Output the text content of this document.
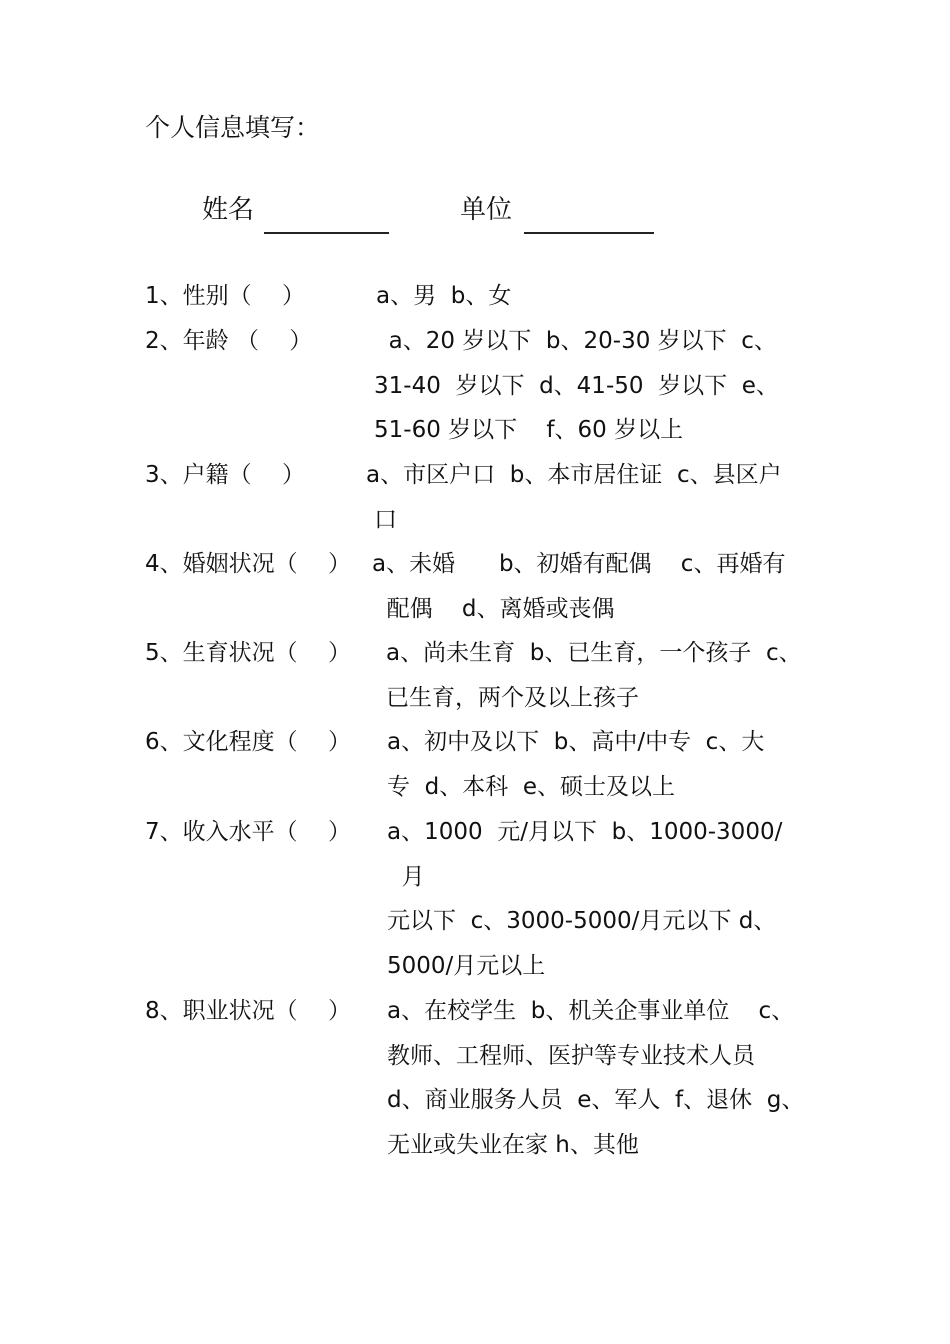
个人信息填写：
姓名	单位
1、性别（　 ）	a、男  b、女
2、年龄 （　 ）	a、20 岁以下  b、20-30 岁以下  c、
31-40  岁以下  d、41-50  岁以下  e、
51-60 岁以下    f、60 岁以上
3、户籍（　 ）	a、市区户口  b、本市居住证  c、县区户
口
4、婚姻状况（　 ） a、未婚      b、初婚有配偶    c、再婚有
配偶    d、离婚或丧偶
5、生育状况（　 ） a、尚未生育  b、已生育，一个孩子  c、
已生育，两个及以上孩子
6、文化程度（　 ） a、初中及以下  b、高中/中专  c、大
专  d、本科  e、硕士及以上
7、收入水平（　 ） a、1000  元/月以下  b、1000-3000/
月
元以下  c、3000-5000/月元以下 d、
5000/月元以上
8、职业状况（　 ） a、在校学生  b、机关企事业单位    c、
教师、工程师、医护等专业技术人员
d、商业服务人员  e、军人  f、退休  g、
无业或失业在家 h、其他
